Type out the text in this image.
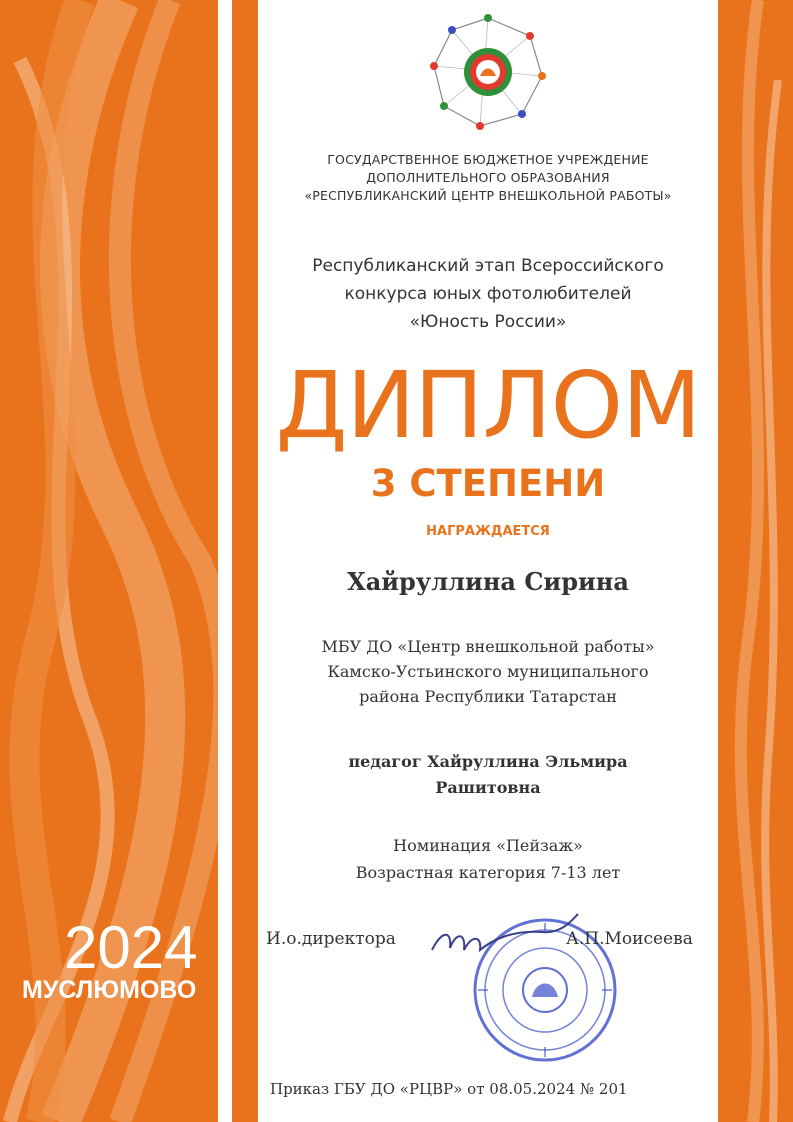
ГОСУДАРСТВЕННОЕ БЮДЖЕТНОЕ УЧРЕЖДЕНИЕ
ДОПОЛНИТЕЛЬНОГО ОБРАЗОВАНИЯ
«РЕСПУБЛИКАНСКИЙ ЦЕНТР ВНЕШКОЛЬНОЙ РАБОТЫ»
Республиканский этап Всероссийского
конкурса юных фотолюбителей
«Юность России»
ДИПЛОМ
3 СТЕПЕНИ
НАГРАЖДАЕТСЯ
Хайруллина Сирина
МБУ ДО «Центр внешкольной работы»
Камско-Устьинского муниципального
района Республики Татарстан
педагог Хайруллина Эльмира
Рашитовна
Номинация «Пейзаж»
Возрастная категория 7-13 лет
И.о.директора	А.П.Моисеева
Приказ ГБУ ДО «РЦВР» от 08.05.2024 № 201
2024
МУСЛЮМОВО
